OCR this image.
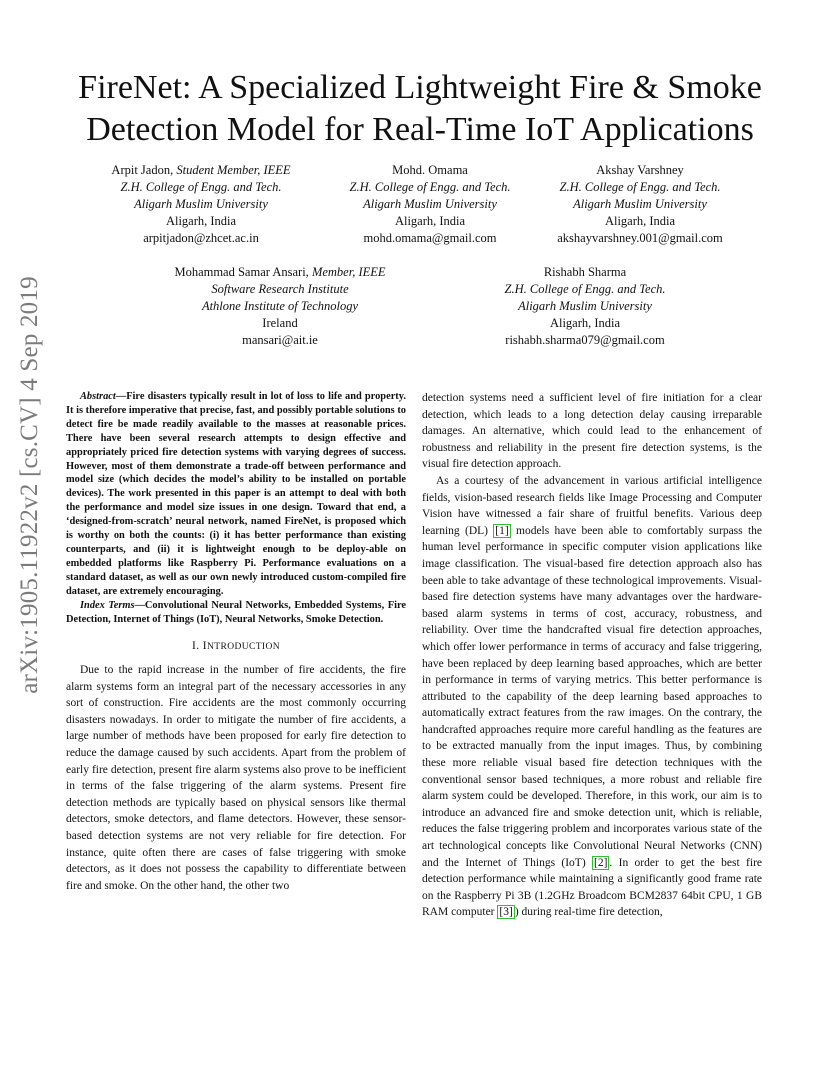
arXiv:1905.11922v2 [cs.CV] 4 Sep 2019
FireNet: A Specialized Lightweight Fire & Smoke
Detection Model for Real-Time IoT Applications
Arpit Jadon, Student Member, IEEE
Z.H. College of Engg. and Tech.
Aligarh Muslim University
Aligarh, India
arpitjadon@zhcet.ac.in
Mohd. Omama
Z.H. College of Engg. and Tech.
Aligarh Muslim University
Aligarh, India
mohd.omama@gmail.com
Akshay Varshney
Z.H. College of Engg. and Tech.
Aligarh Muslim University
Aligarh, India
akshayvarshney.001@gmail.com
Mohammad Samar Ansari, Member, IEEE
Software Research Institute
Athlone Institute of Technology
Ireland
mansari@ait.ie
Rishabh Sharma
Z.H. College of Engg. and Tech.
Aligarh Muslim University
Aligarh, India
rishabh.sharma079@gmail.com

Abstract—Fire disasters typically result in lot of loss to life and property. It is therefore imperative that precise, fast, and possibly portable solutions to detect fire be made readily available to the masses at reasonable prices. There have been several research attempts to design effective and appropriately priced fire detection systems with varying degrees of success. However, most of them demonstrate a trade-off between performance and model size (which decides the model’s ability to be installed on portable devices). The work presented in this paper is an attempt to deal with both the performance and model size issues in one design. Toward that end, a ‘designed-from-scratch’ neural network, named FireNet, is proposed which is worthy on both the counts: (i) it has better performance than existing counterparts, and (ii) it is lightweight enough to be deploy-able on embedded platforms like Raspberry Pi. Performance evaluations on a standard dataset, as well as our own newly introduced custom-compiled fire dataset, are extremely encouraging.

Index Terms—Convolutional Neural Networks, Embedded Systems, Fire Detection, Internet of Things (IoT), Neural Networks, Smoke Detection.

I. INTRODUCTION

Due to the rapid increase in the number of fire accidents, the fire alarm systems form an integral part of the necessary accessories in any sort of construction. Fire accidents are the most commonly occurring disasters nowadays. In order to mitigate the number of fire accidents, a large number of methods have been proposed for early fire detection to reduce the damage caused by such accidents. Apart from the problem of early fire detection, present fire alarm systems also prove to be inefficient in terms of the false triggering of the alarm systems. Present fire detection methods are typically based on physical sensors like thermal detectors, smoke detectors, and flame detectors. However, these sensor-based detection systems are not very reliable for fire detection. For instance, quite often there are cases of false triggering with smoke detectors, as it does not possess the capability to differentiate between fire and smoke. On the other hand, the other two

detection systems need a sufficient level of fire initiation for a clear detection, which leads to a long detection delay causing irreparable damages. An alternative, which could lead to the enhancement of robustness and reliability in the present fire detection systems, is the visual fire detection approach.

As a courtesy of the advancement in various artificial intelligence fields, vision-based research fields like Image Processing and Computer Vision have witnessed a fair share of fruitful benefits. Various deep learning (DL) [1] models have been able to comfortably surpass the human level performance in specific computer vision applications like image classification. The visual-based fire detection approach also has been able to take advantage of these technological improvements. Visual-based fire detection systems have many advantages over the hardware-based alarm systems in terms of cost, accuracy, robustness, and reliability. Over time the handcrafted visual fire detection approaches, which offer lower performance in terms of accuracy and false triggering, have been replaced by deep learning based approaches, which are better in performance in terms of varying metrics. This better performance is attributed to the capability of the deep learning based approaches to automatically extract features from the raw images. On the contrary, the handcrafted approaches require more careful handling as the features are to be extracted manually from the input images. Thus, by combining these more reliable visual based fire detection techniques with the conventional sensor based techniques, a more robust and reliable fire alarm system could be developed. Therefore, in this work, our aim is to introduce an advanced fire and smoke detection unit, which is reliable, reduces the false triggering problem and incorporates various state of the art technological concepts like Convolutional Neural Networks (CNN) and the Internet of Things (IoT) [2] . In order to get the best fire detection performance while maintaining a significantly good frame rate on the Raspberry Pi 3B (1.2GHz Broadcom BCM2837 64bit CPU, 1 GB RAM computer [3] ) during real-time fire detection,
